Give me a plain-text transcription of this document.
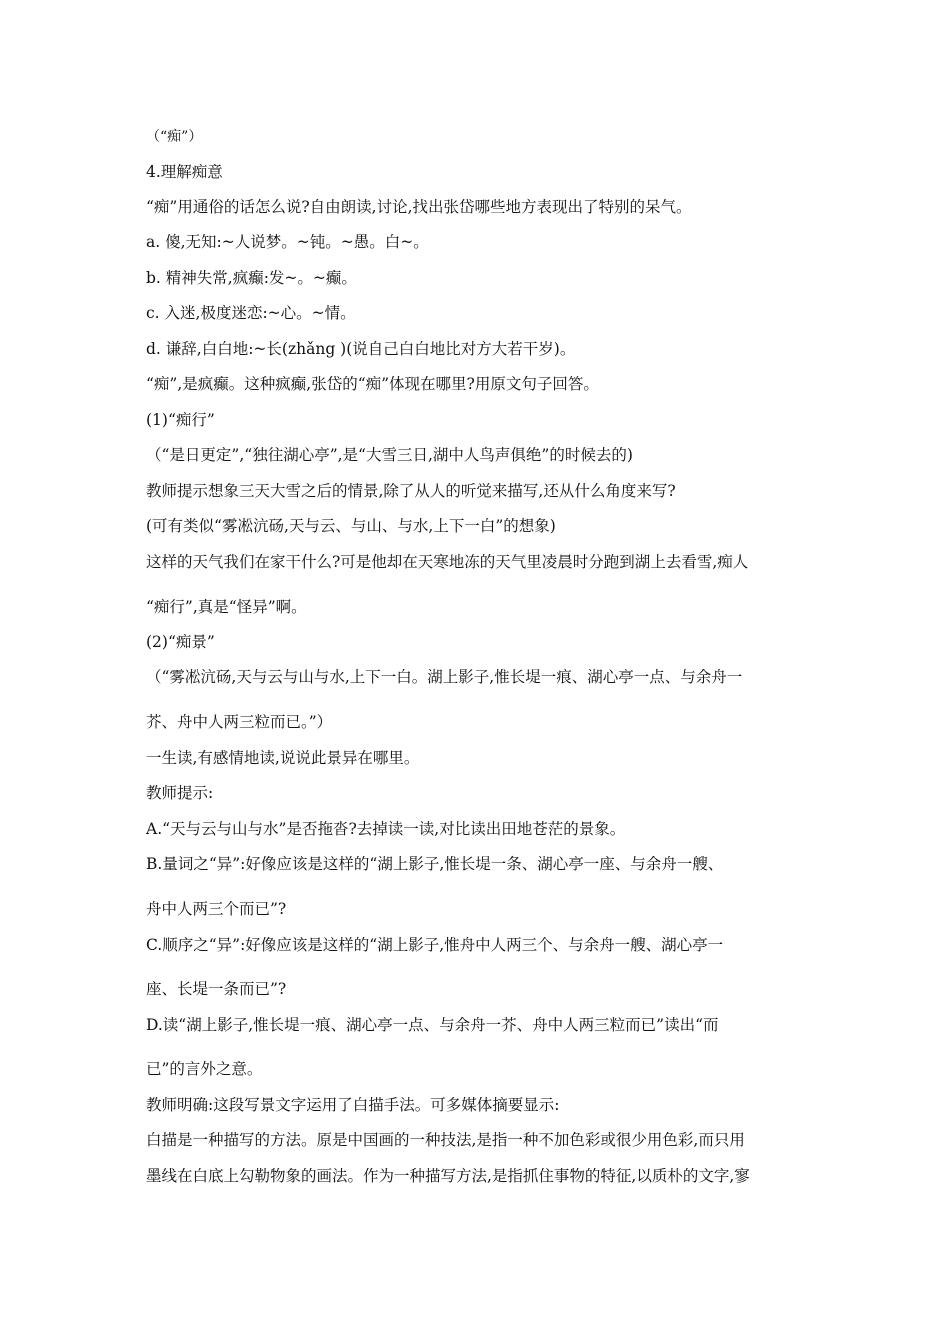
（“痴”）
4.理解痴意
“痴”用通俗的话怎么说?自由朗读,讨论,找出张岱哪些地方表现出了特别的呆气。
a. 傻,无知:~人说梦。~钝。~愚。白~。
b. 精神失常,疯癫:发~。~癫。
c. 入迷,极度迷恋:~心。~情。
d. 谦辞,白白地:~长(zhǎng )(说自己白白地比对方大若干岁)。
“痴”,是疯癫。这种疯癫,张岱的“痴”体现在哪里?用原文句子回答。
(1)“痴行”
（“是日更定”,“独往湖心亭”,是“大雪三日,湖中人鸟声俱绝”的时候去的)
教师提示想象三天大雪之后的情景,除了从人的听觉来描写,还从什么角度来写?
(可有类似“雾凇沆砀,天与云、与山、与水,上下一白”的想象)
这样的天气我们在家干什么?可是他却在天寒地冻的天气里凌晨时分跑到湖上去看雪,痴人
“痴行”,真是“怪异”啊。
(2)“痴景”
（“雾凇沆砀,天与云与山与水,上下一白。湖上影子,惟长堤一痕、湖心亭一点、与余舟一
芥、舟中人两三粒而已。”）
一生读,有感情地读,说说此景异在哪里。
教师提示:
A.“天与云与山与水”是否拖沓?去掉读一读,对比读出田地苍茫的景象。
B.量词之“异”:好像应该是这样的“湖上影子,惟长堤一条、湖心亭一座、与余舟一艘、
舟中人两三个而已”?
C.顺序之“异”:好像应该是这样的“湖上影子,惟舟中人两三个、与余舟一艘、湖心亭一
座、长堤一条而已”?
D.读“湖上影子,惟长堤一痕、湖心亭一点、与余舟一芥、舟中人两三粒而已”读出“而
已”的言外之意。
教师明确:这段写景文字运用了白描手法。可多媒体摘要显示:
白描是一种描写的方法。原是中国画的一种技法,是指一种不加色彩或很少用色彩,而只用
墨线在白底上勾勒物象的画法。作为一种描写方法,是指抓住事物的特征,以质朴的文字,寥
